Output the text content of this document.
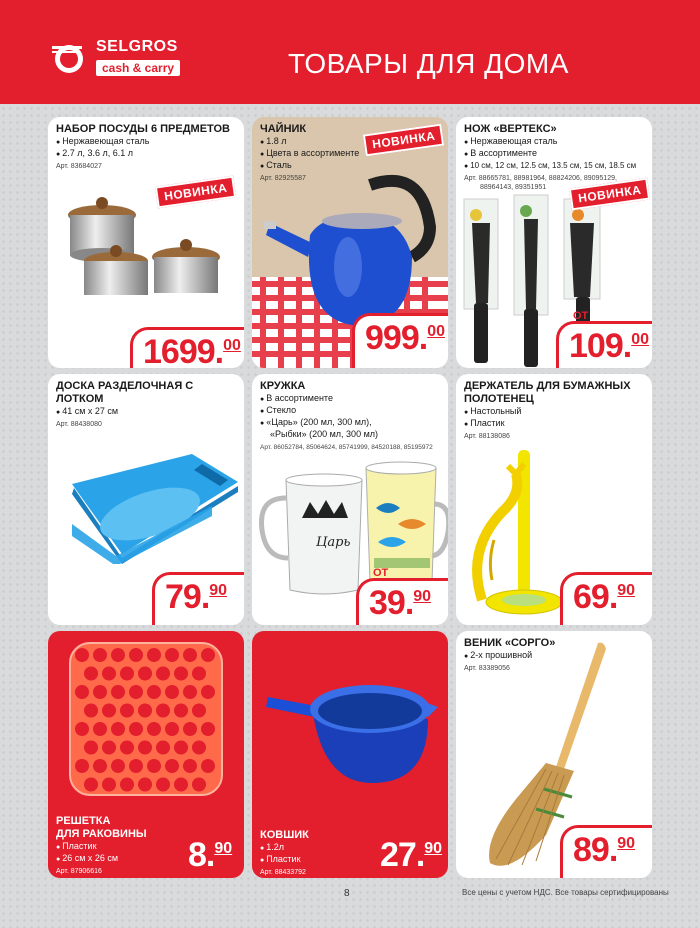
SELGROS
cash & carry	ТОВАРЫ ДЛЯ ДОМА
НАБОР ПОСУДЫ 6 ПРЕДМЕТОВ
● Нержавеющая сталь
● 2.7 л, 3.6 л, 6.1 л
Арт. 83684027
НОВИНКА
1699.00
ЧАЙНИК
● 1.8 л
● Цвета в ассортименте
● Сталь
Арт. 82925587
НОВИНКА
999.00
НОЖ «ВЕРТЕКС»
● Нержавеющая сталь
● В ассортименте
● 10 см, 12 см, 12.5 см, 13.5 см, 15 см, 18.5 см
Арт. 88665781, 88981964, 88824206, 89095129,
88964143, 89351951	НОВИНКА
ОТ
109.00
ДОСКА РАЗДЕЛОЧНАЯ С ЛОТКОМ
● 41 см x 27 см
Арт. 88438080
79.90
КРУЖКА
● В ассортименте
● Стекло
● «Царь» (200 мл, 300 мл),
«Рыбки» (200 мл, 300 мл)
Арт. 86052784, 85064624, 85741999, 84520188, 85195972
Царь
ОТ
39.90
ДЕРЖАТЕЛЬ ДЛЯ БУМАЖНЫХ ПОЛОТЕНЕЦ
● Настольный
● Пластик
Арт. 88138086
69.90
РЕШЕТКА
ДЛЯ РАКОВИНЫ
● Пластик
● 26 см x 26 см
Арт. 87906616	8.90
КОВШИК
● 1.2л
● Пластик
Арт. 88433792 27.90
ВЕНИК «СОРГО»
● 2-х прошивной
Арт. 83389056
89.90
8	Все цены с учетом НДС. Все товары сертифицированы
